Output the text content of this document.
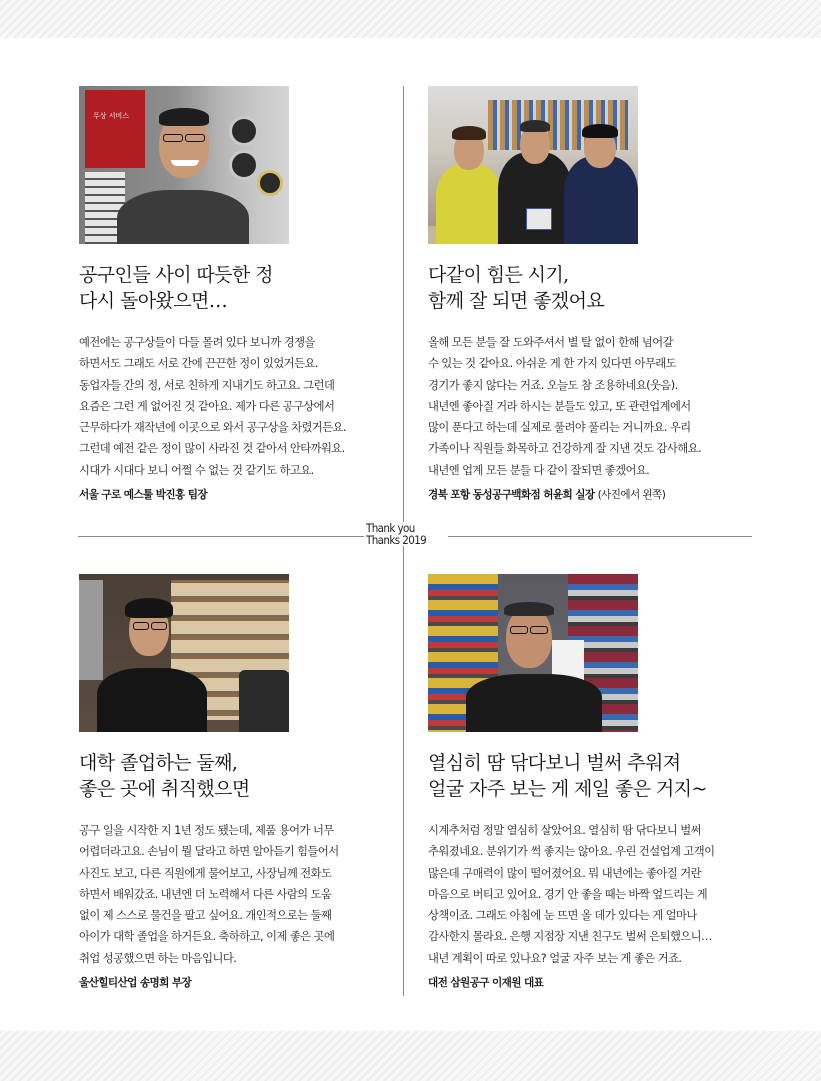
Thank you
Thanks 2019
무상 서비스
공구인들 사이 따듯한 정
다시 돌아왔으면…
예전에는 공구상들이 다들 몰려 있다 보니까 경쟁을
하면서도 그래도 서로 간에 끈끈한 정이 있었거든요.
동업자들 간의 정, 서로 친하게 지내기도 하고요. 그런데
요즘은 그런 게 없어진 것 같아요. 제가 다른 공구상에서
근무하다가 재작년에 이곳으로 와서 공구상을 차렸거든요.
그런데 예전 같은 정이 많이 사라진 것 같아서 안타까워요.
시대가 시대다 보니 어쩔 수 없는 것 같기도 하고요.
서울 구로 예스툴 박진홍 팀장
다같이 힘든 시기,
함께 잘 되면 좋겠어요
올해 모든 분들 잘 도와주셔서 별 탈 없이 한해 넘어갈
수 있는 것 같아요. 아쉬운 게 한 가지 있다면 아무래도
경기가 좋지 않다는 거죠. 오늘도 참 조용하네요(웃음).
내년엔 좋아질 거라 하시는 분들도 있고, 또 관련업계에서
많이 푼다고 하는데 실제로 풀려야 풀리는 거니까요. 우리
가족이나 직원들 화목하고 건강하게 잘 지낸 것도 감사해요.
내년엔 업계 모든 분들 다 같이 잘되면 좋겠어요.
경북 포항 동성공구백화점 허윤희 실장 (사진에서 왼쪽)
대학 졸업하는 둘째,
좋은 곳에 취직했으면
공구 일을 시작한 지 1년 정도 됐는데, 제품 용어가 너무
어렵더라고요. 손님이 뭘 달라고 하면 알아듣기 힘들어서
사진도 보고, 다른 직원에게 물어보고, 사장님께 전화도
하면서 배워갔죠. 내년엔 더 노력해서 다른 사람의 도움
없이 제 스스로 물건을 팔고 싶어요. 개인적으로는 둘째
아이가 대학 졸업을 하거든요. 축하하고, 이제 좋은 곳에
취업 성공했으면 하는 마음입니다.
울산힐티산업 송명희 부장
열심히 땀 닦다보니 벌써 추워져
얼굴 자주 보는 게 제일 좋은 거지~
시계추처럼 정말 열심히 살았어요. 열심히 땀 닦다보니 벌써
추워졌네요. 분위기가 썩 좋지는 않아요. 우린 건설업계 고객이
많은데 구매력이 많이 떨어졌어요. 뭐 내년에는 좋아질 거란
마음으로 버티고 있어요. 경기 안 좋을 때는 바짝 엎드리는 게
상책이죠. 그래도 아침에 눈 뜨면 올 데가 있다는 게 얼마나
감사한지 몰라요. 은행 지점장 지낸 친구도 벌써 은퇴했으니…
내년 계획이 따로 있나요? 얼굴 자주 보는 게 좋은 거죠.
대전 삼원공구 이재원 대표
